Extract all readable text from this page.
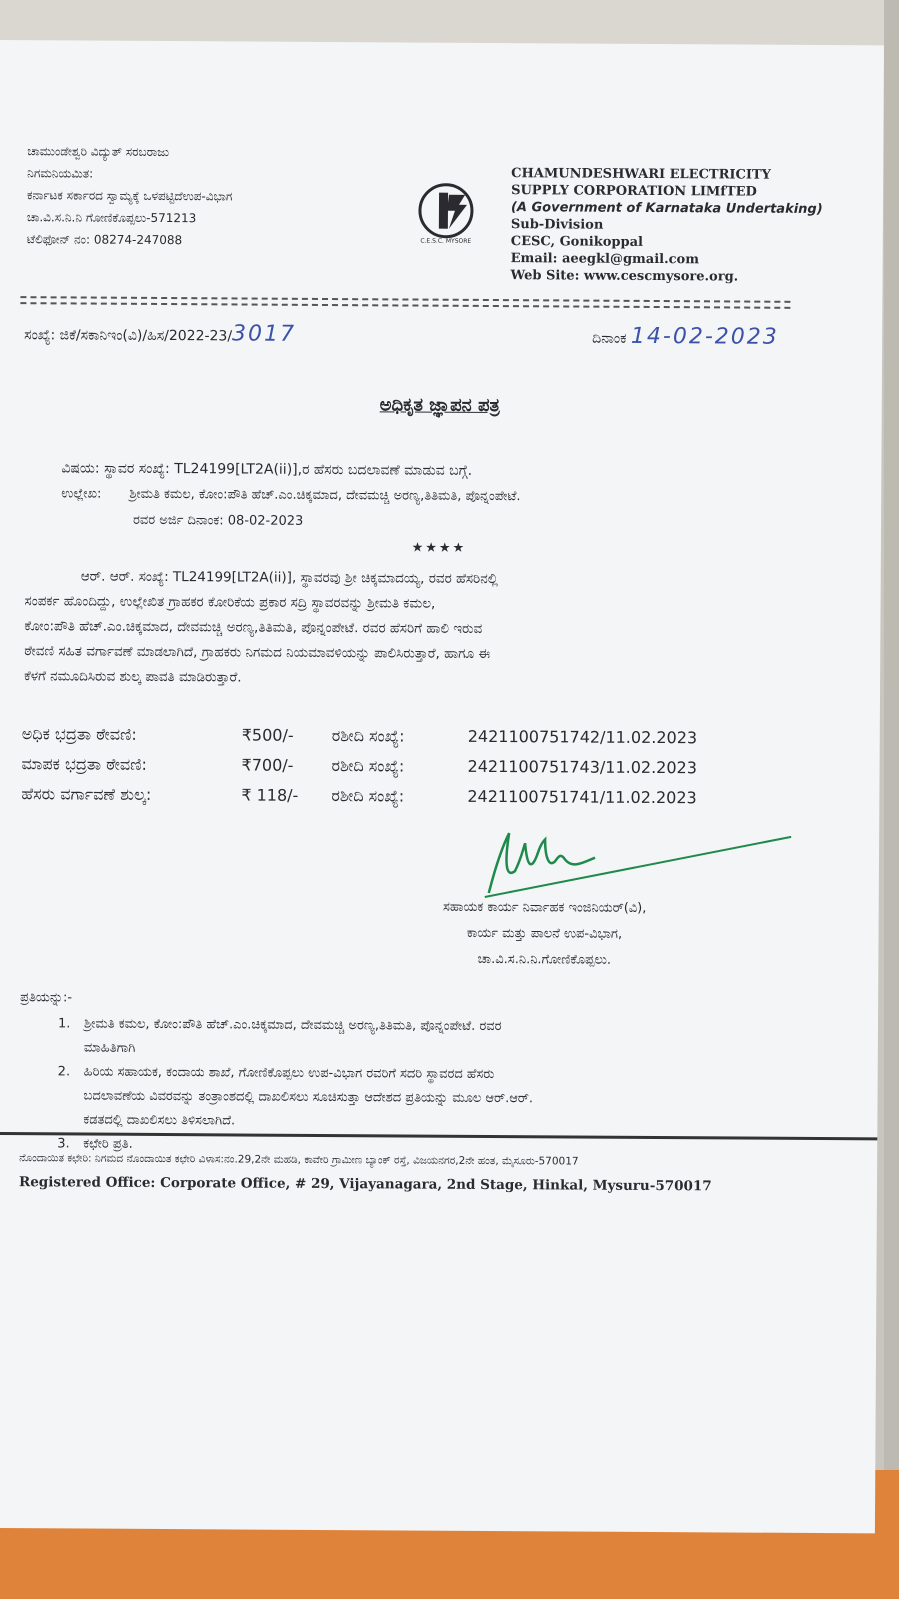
ಚಾಮುಂಡೇಶ್ವರಿ ವಿದ್ಯುತ್ ಸರಬರಾಜು
ನಿಗಮನಿಯಮಿತ:
ಕರ್ನಾಟಕ ಸರ್ಕಾರದ ಸ್ವಾಮ್ಯಕ್ಕೆ ಒಳಪಟ್ಟಿದೆಉಪ-ವಿಭಾಗ
ಚಾ.ವಿ.ಸ.ನಿ.ನಿ ಗೋಣಿಕೊಪ್ಪಲು-571213
ಟೆಲಿಫೋನ್ ನಂ: 08274-247088	C.E.S.C. MYSORE
CHAMUNDESHWARI ELECTRICITY
SUPPLY CORPORATION LIMfTED
(A Government of Karnataka Undertaking)
Sub-Division
CESC, Gonikoppal
Email: aeegkl@gmail.com
Web Site: www.cescmysore.org.
ಸಂಖ್ಯೆ: ಜಿಕೆ/ಸಕಾನಿಇಂ(ವಿ)/ಹಿಸ/2022-23/3017	ದಿನಾಂಕ 14-02-2023
ಅಧಿಕೃತ ಜ್ಞಾಪನ ಪತ್ರ
ವಿಷಯ: ಸ್ಥಾವರ ಸಂಖ್ಯೆ: TL24199[LT2A(ii)],ರ ಹೆಸರು ಬದಲಾವಣೆ ಮಾಡುವ ಬಗ್ಗೆ.
ಉಲ್ಲೇಖ: ಶ್ರೀಮತಿ ಕಮಲ, ಕೋಂ:ಪೌತಿ ಹೆಚ್.ಎಂ.ಚಿಕ್ಕಮಾದ, ದೇವಮಚ್ಚಿ ಅರಣ್ಯ,ತಿತಿಮತಿ, ಪೊನ್ನಂಪೇಟೆ.
ರವರ ಅರ್ಜಿ ದಿನಾಂಕ: 08-02-2023
★★★★
ಆರ್. ಆರ್. ಸಂಖ್ಯೆ: TL24199[LT2A(ii)], ಸ್ಥಾವರವು ಶ್ರೀ ಚಿಕ್ಕಮಾದಯ್ಯ, ರವರ ಹೆಸರಿನಲ್ಲಿ
ಸಂಪರ್ಕ ಹೊಂದಿದ್ದು, ಉಲ್ಲೇಖಿತ ಗ್ರಾಹಕರ ಕೋರಿಕೆಯ ಪ್ರಕಾರ ಸದ್ರಿ ಸ್ಥಾವರವನ್ನು ಶ್ರೀಮತಿ ಕಮಲ,
ಕೋಂ:ಪೌತಿ ಹೆಚ್.ಎಂ.ಚಿಕ್ಕಮಾದ, ದೇವಮಚ್ಚಿ ಅರಣ್ಯ,ತಿತಿಮತಿ, ಪೊನ್ನಂಪೇಟೆ. ರವರ ಹೆಸರಿಗೆ ಹಾಲಿ ಇರುವ
ಠೇವಣಿ ಸಹಿತ ವರ್ಗಾವಣೆ ಮಾಡಲಾಗಿದೆ, ಗ್ರಾಹಕರು ನಿಗಮದ ನಿಯಮಾವಳಿಯನ್ನು ಪಾಲಿಸಿರುತ್ತಾರೆ, ಹಾಗೂ ಈ
ಕೆಳಗೆ ನಮೂದಿಸಿರುವ ಶುಲ್ಕ ಪಾವತಿ ಮಾಡಿರುತ್ತಾರೆ.
ಅಧಿಕ ಭದ್ರತಾ ಠೇವಣಿ:	₹500/- ರಶೀದಿ ಸಂಖ್ಯೆ:	242110075174​2/11.02.2023
ಮಾಪಕ ಭದ್ರತಾ ಠೇವಣಿ:	₹700/- ರಶೀದಿ ಸಂಖ್ಯೆ:	2421100751743/11.02.2023
ಹೆಸರು ವರ್ಗಾವಣೆ ಶುಲ್ಕ:	₹ 118/- ರಶೀದಿ ಸಂಖ್ಯೆ:	2421100751741/11.02.2023
ಸಹಾಯಕ ಕಾರ್ಯ ನಿರ್ವಾಹಕ ಇಂಜಿನಿಯರ್(ವಿ),
ಕಾರ್ಯ ಮತ್ತು ಪಾಲನೆ ಉಪ-ವಿಭಾಗ,
ಚಾ.ವಿ.ಸ.ನಿ.ನಿ.ಗೋಣಿಕೊಪ್ಪಲು.
ಪ್ರತಿಯನ್ನು:-
1.	ಶ್ರೀಮತಿ ಕಮಲ, ಕೋಂ:ಪೌತಿ ಹೆಚ್.ಎಂ.ಚಿಕ್ಕಮಾದ, ದೇವಮಚ್ಚಿ ಅರಣ್ಯ,ತಿತಿಮತಿ, ಪೊನ್ನಂಪೇಟೆ. ರವರ
ಮಾಹಿತಿಗಾಗಿ
2.	ಹಿರಿಯ ಸಹಾಯಕ, ಕಂದಾಯ ಶಾಖೆ, ಗೋಣಿಕೊಪ್ಪಲು ಉಪ-ವಿಭಾಗ ರವರಿಗೆ ಸದರಿ ಸ್ಥಾವರದ ಹೆಸರು
ಬದಲಾವಣೆಯ ವಿವರವನ್ನು ತಂತ್ರಾಂಶದಲ್ಲಿ ದಾಖಲಿಸಲು ಸೂಚಿಸುತ್ತಾ ಆದೇಶದ ಪ್ರತಿಯನ್ನು ಮೂಲ ಆರ್.ಆರ್.
ಕಡತದಲ್ಲಿ ದಾಖಲಿಸಲು ತಿಳಿಸಲಾಗಿದೆ.
3.	ಕಛೇರಿ ಪ್ರತಿ.
ನೊಂದಾಯಿತ ಕಛೇರಿ: ನಿಗಮದ ನೊಂದಾಯಿತ ಕಛೇರಿ ವಿಳಾಸ:ನಂ.29,2ನೇ ಮಹಡಿ, ಕಾವೇರಿ ಗ್ರಾಮೀಣ ಬ್ಯಾಂಕ್ ರಸ್ತೆ, ವಿಜಯನಗರ,2ನೇ ಹಂತ, ಮೈಸೂರು-570017
Registered Office: Corporate Office, # 29, Vijayanagara, 2nd Stage, Hinkal, Mysuru-570017
